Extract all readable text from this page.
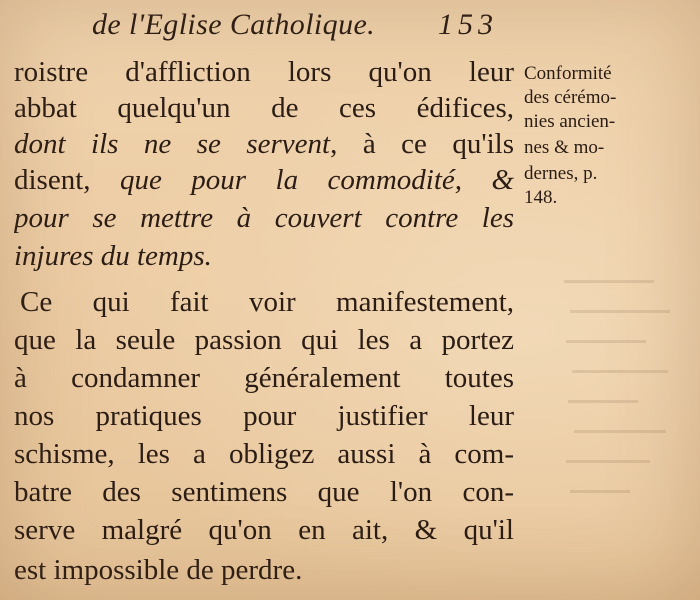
de l'Eglise Catholique. 153
roistre d'affliction lors qu'on leur
abbat quelqu'un de ces édifices,
dont ils ne se servent, à ce qu'ils
disent, que pour la commodité, &
pour se mettre à couvert contre les
injures du temps.
Ce qui fait voir manifestement,
que la seule passion qui les a portez
à condamner généralement toutes
nos pratiques pour justifier leur
schisme, les a obligez aussi à com-
batre des sentimens que l'on con-
serve malgré qu'on en ait, & qu'il
est impossible de perdre.
Conformité
des cérémo-
nies ancien-
nes & mo-
dernes, p.
148.
